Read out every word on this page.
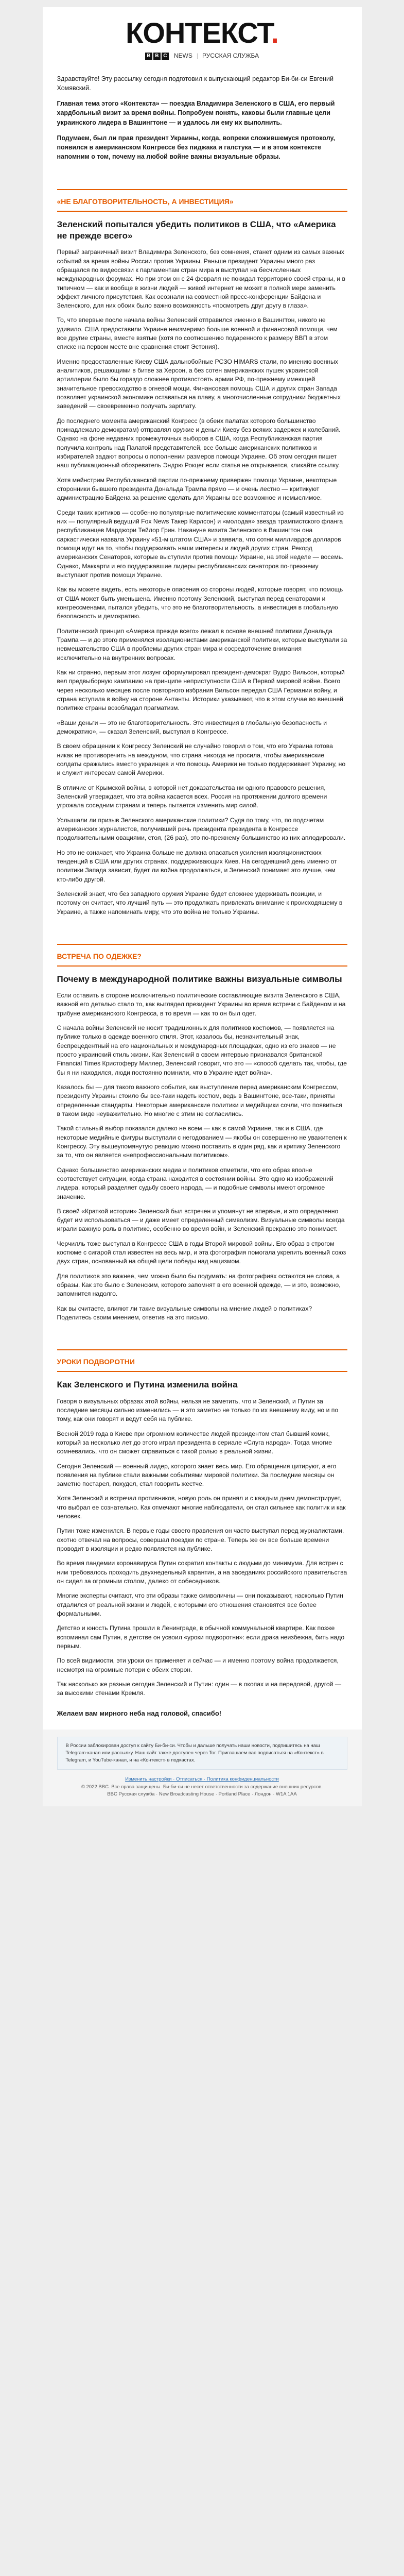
КОНТЕКСТ.
B B C	NEWS | РУССКАЯ СЛУЖБА

Здравствуйте! Эту рассылку сегодня подготовил к выпускающий редактор Би-би-си Евгений Хомявский.

Главная тема этого «Контекста» — поездка Владимира Зеленского в США, его первый хардбольный визит за время войны. Попробуем понять, каковы были главные цели украинского лидера в Вашингтоне — и удалось ли ему их выполнить.

Подумаем, был ли прав президент Украины, когда, вопреки сложившемуся протоколу, появился в американском Конгрессе без пиджака и галстука — и в этом контексте напомним о том, почему на любой войне важны визуальные образы.

«НЕ БЛАГОТВОРИТЕЛЬНОСТЬ, А ИНВЕСТИЦИЯ»
Зеленский попытался убедить политиков в США, что «Америка не прежде всего»

Первый заграничный визит Владимира Зеленского, без сомнения, станет одним из самых важных событий за время войны России против Украины. Раньше президент Украины много раз обращался по видеосвязи к парламентам стран мира и выступал на бесчисленных международных форумах. Но при этом он с 24 февраля не покидал территорию своей страны, и в типичном — как и вообще в жизни людей — живой интернет не может в полной мере заменить эффект личного присутствия. Как осознали на совместной пресс-конференции Байдена и Зеленского, для них обоих было важно возможность «посмотреть друг другу в глаза».

То, что впервые после начала войны Зеленский отправился именно в Вашингтон, никого не удивило. США предоставили Украине неизмеримо больше военной и финансовой помощи, чем все другие страны, вместе взятые (хотя по соотношению подаренного к размеру ВВП в этом списке на первом месте вне сравнения стоит Эстония).

Именно предоставленные Киеву США дальнобойные РСЗО HIMARS стали, по мнению военных аналитиков, решающими в битве за Херсон, а без сотен американских пушек украинской артиллерии было бы гораздо сложнее противостоять армии РФ, по-прежнему имеющей значительное превосходство в огневой мощи. Финансовая помощь США и других стран Запада позволяет украинской экономике оставаться на плаву, а многочисленные сотрудники бюджетных заведений — своевременно получать зарплату.

До последнего момента американский Конгресс (в обеих палатах которого большинство принадлежало демократам) отправлял оружие и деньги Киеву без всяких задержек и колебаний. Однако на фоне недавних промежуточных выборов в США, когда Республиканская партия получила контроль над Палатой представителей, все больше американских политиков и избирателей задают вопросы о пополнении размеров помощи Украине. Об этом сегодня пишет наш публикационный обозреватель Эндрю Рокцег если статья не открывается, кликайте ссылку.

Хотя мейнстрим Республиканской партии по-прежнему привержен помощи Украине, некоторые сторонники бывшего президента Дональда Трампа прямо — и очень лестно — критикуют администрацию Байдена за решение сделать для Украины все возможное и немыслимое.

Среди таких критиков — особенно популярные политические комментаторы (самый известный из них — популярный ведущий Fox News Такер Карлсон) и «молодая» звезда трампистского фланга республиканцев Марджори Тейлор Грин. Накануне визита Зеленского в Вашингтон она саркастически назвала Украину «51-м штатом США» и заявила, что сотни миллиардов долларов помощи идут на то, чтобы поддерживать наши интересы и людей других стран. Рекорд американских Сенаторов, которые выступили против помощи Украине, на этой неделе — восемь. Однако, Маккарти и его поддержавшие лидеры республиканских сенаторов по-прежнему выступают против помощи Украине.

Как вы можете видеть, есть некоторые опасения со стороны людей, которые говорят, что помощь от США может быть уменьшена. Именно поэтому Зеленский, выступая перед сенаторами и конгрессменами, пытался убедить, что это не благотворительность, а инвестиция в глобальную безопасность и демократию.

Политический принцип «Америка прежде всего» лежал в основе внешней политики Дональда Трампа — и до этого применялся изоляционистами американской политики, которые выступали за невмешательство США в проблемы других стран мира и сосредоточение внимания исключительно на внутренних вопросах.

Как ни странно, первым этот лозунг сформулировал президент-демократ Вудро Вильсон, который вел предвыборную кампанию на принципе неприступности США в Первой мировой войне. Всего через несколько месяцев после повторного избрания Вильсон передал США Германии войну, и страна вступила в войну на стороне Антанты. Историки указывают, что в этом случае во внешней политике страны возобладал прагматизм.

«Ваши деньги — это не благотворительность. Это инвестиция в глобальную безопасность и демократию», — сказал Зеленский, выступая в Конгрессе.

В своем обращении к Конгрессу Зеленский не случайно говорил о том, что его Украина готова никак не противоречить на междуном, что страна никогда не просила, чтобы американские солдаты сражались вместо украинцев и что помощь Америки не только поддерживает Украину, но и служит интересам самой Америки.

В отличие от Крымской войны, в которой нет доказательства ни одного правового решения, Зеленский утверждает, что эта война касается всех. Россия на протяжении долгого времени угрожала соседним странам и теперь пытается изменить мир силой.

Услышали ли призыв Зеленского американские политики? Судя по тому, что, по подсчетам американских журналистов, получивший речь президента президента в Конгрессе продолжительными овациями, стоя, (26 раз), это по-прежнему большинство из них аплодировали.

Но это не означает, что Украина больше не должна опасаться усиления изоляционистских тенденций в США или других странах, поддерживающих Киев. На сегодняшний день именно от политики Запада зависит, будет ли война продолжаться, и Зеленский понимает это лучше, чем кто-либо другой.

Зеленский знает, что без западного оружия Украине будет сложнее удерживать позиции, и поэтому он считает, что лучший путь — это продолжать привлекать внимание к происходящему в Украине, а также напоминать миру, что это война не только Украины.

ВСТРЕЧА ПО ОДЕЖКЕ?
Почему в международной политике важны визуальные символы

Если оставить в стороне исключительно политические составляющие визита Зеленского в США, важной его деталью стало то, как выглядел президент Украины во время встречи с Байденом и на трибуне американского Конгресса, в то время — как то он был одет.

С начала войны Зеленский не носит традиционных для политиков костюмов, — появляется на публике только в одежде военного стиля. Этот, казалось бы, незначительный знак, беспрецедентный на его национальных и международных площадках, одно из его знаков — не просто украинский стиль жизни. Как Зеленский в своем интервью признавался британской Financial Times Кристоферу Миллер, Зеленский говорит, что это — «способ сделать так, чтобы, где бы я ни находился, люди постоянно помнили, что в Украине идет война».

Казалось бы — для такого важного события, как выступление перед американским Конгрессом, президенту Украины стоило бы все-таки надеть костюм, ведь в Вашингтоне, все-таки, приняты определенные стандарты. Некоторые американские политики и медийщики сочли, что появиться в таком виде неуважительно. Но многие с этим не согласились.

Такой стильный выбор показался далеко не всем — как в самой Украине, так и в США, где некоторые медийные фигуры выступали с негодованием — якобы он совершенно не уважителен к Конгрессу. Эту вышеупомянутую реакцию можно поставить в один ряд, как и критику Зеленского за то, что он является «непрофессиональным политиком».

Однако большинство американских медиа и политиков отметили, что его образ вполне соответствует ситуации, когда страна находится в состоянии войны. Это одно из изображений лидера, который разделяет судьбу своего народа, — и подобные символы имеют огромное значение.

В своей «Краткой истории» Зеленский был встречен и упомянут не впервые, и это определенно будет им использоваться — и даже имеет определенный символизм. Визуальные символы всегда играли важную роль в политике, особенно во время войн, и Зеленский прекрасно это понимает.

Черчилль тоже выступал в Конгрессе США в годы Второй мировой войны. Его образ в строгом костюме с сигарой стал известен на весь мир, и эта фотография помогала укрепить военный союз двух стран, основанный на общей цели победы над нацизмом.

Для политиков это важнее, чем можно было бы подумать: на фотографиях остаются не слова, а образы. Как это было с Зеленским, которого запомнят в его военной одежде, — и это, возможно, запомнится надолго.

Как вы считаете, влияют ли такие визуальные символы на мнение людей о политиках? Поделитесь своим мнением, ответив на это письмо.

УРОКИ ПОДВОРОТНИ
Как Зеленского и Путина изменила война

Говоря о визуальных образах этой войны, нельзя не заметить, что и Зеленский, и Путин за последние месяцы сильно изменились — и это заметно не только по их внешнему виду, но и по тому, как они говорят и ведут себя на публике.

Весной 2019 года в Киеве при огромном количестве людей президентом стал бывший комик, который за несколько лет до этого играл президента в сериале «Слуга народа». Тогда многие сомневались, что он сможет справиться с такой ролью в реальной жизни.

Сегодня Зеленский — военный лидер, которого знает весь мир. Его обращения цитируют, а его появления на публике стали важными событиями мировой политики. За последние месяцы он заметно постарел, похудел, стал говорить жестче.

Хотя Зеленский и встречал противников, новую роль он принял и с каждым днем демонстрирует, что выбрал ее сознательно. Как отмечают многие наблюдатели, он стал сильнее как политик и как человек.

Путин тоже изменился. В первые годы своего правления он часто выступал перед журналистами, охотно отвечал на вопросы, совершал поездки по стране. Теперь же он все больше времени проводит в изоляции и редко появляется на публике.

Во время пандемии коронавируса Путин сократил контакты с людьми до минимума. Для встреч с ним требовалось проходить двухнедельный карантин, а на заседаниях российского правительства он сидел за огромным столом, далеко от собеседников.

Многие эксперты считают, что эти образы также символичны — они показывают, насколько Путин отдалился от реальной жизни и людей, с которыми его отношения становятся все более формальными.

Детство и юность Путина прошли в Ленинграде, в обычной коммунальной квартире. Как позже вспоминал сам Путин, в детстве он усвоил «уроки подворотни»: если драка неизбежна, бить надо первым.

По всей видимости, эти уроки он применяет и сейчас — и именно поэтому война продолжается, несмотря на огромные потери с обеих сторон.

Так насколько же разные сегодня Зеленский и Путин: один — в окопах и на передовой, другой — за высокими стенами Кремля.

Желаем вам мирного неба над головой, спасибо!
В России заблокирован доступ к сайту Би-би-си. Чтобы и дальше получать наши новости, подпишитесь на наш Telegram-канал или рассылку. Наш сайт также доступен через Tor. Приглашаем вас подписаться на «Контекст» в Telegram, и YouTube-канал, и на «Контекст» в подкастах.
Изменить настройки · Отписаться · Политика конфиденциальности
© 2022 BBC. Все права защищены. Би-би-си не несет ответственности за содержание внешних ресурсов.
BBC Русская служба · New Broadcasting House · Portland Place · Лондон · W1A 1AA
